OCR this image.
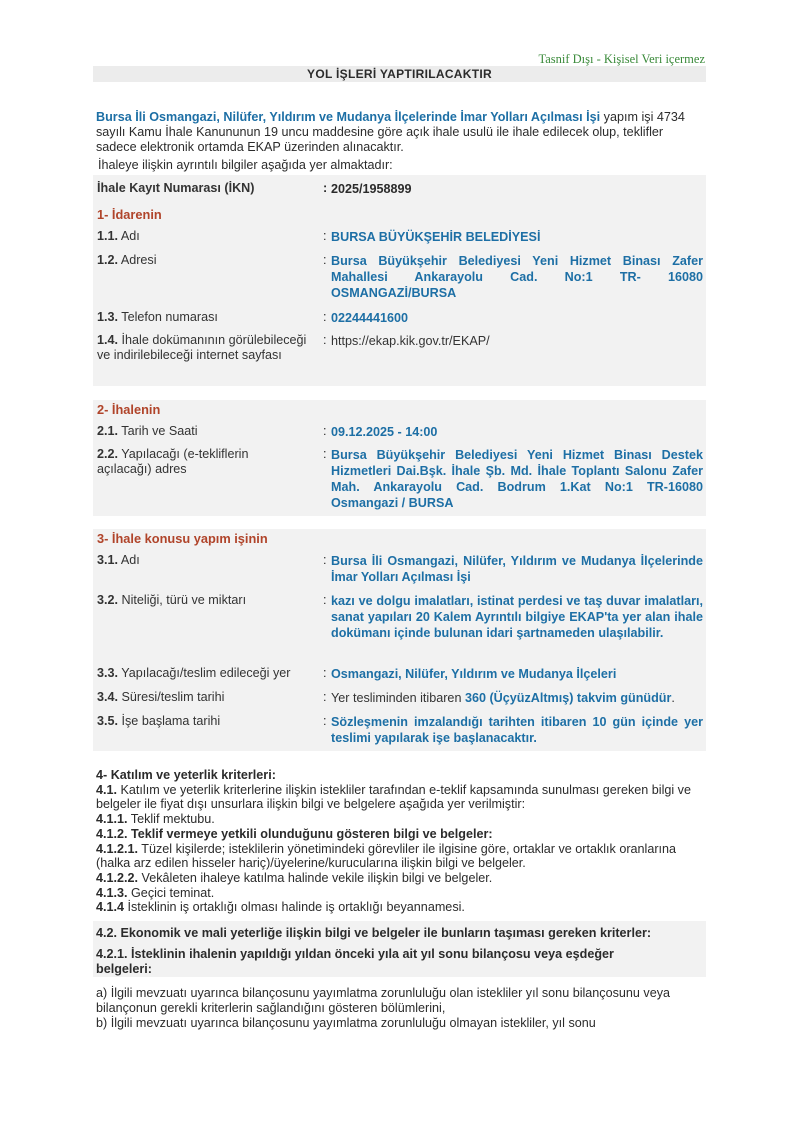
Tasnif Dışı - Kişisel Veri içermez
YOL İŞLERİ YAPTIRILACAKTIR
Bursa İli Osmangazi, Nilüfer, Yıldırım ve Mudanya İlçelerinde İmar Yolları Açılması İşi yapım işi 4734 sayılı Kamu İhale Kanununun 19 uncu maddesine göre açık ihale usulü ile ihale edilecek olup, teklifler sadece elektronik ortamda EKAP üzerinden alınacaktır.
İhaleye ilişkin ayrıntılı bilgiler aşağıda yer almaktadır:
İhale Kayıt Numarası (İKN)	: 2025/1958899
1- İdarenin
1.1. Adı	: BURSA BÜYÜKŞEHİR BELEDİYESİ
1.2. Adresi	: Bursa Büyükşehir Belediyesi Yeni Hizmet Binası Zafer Mahallesi Ankarayolu Cad. No:1 TR- 16080 OSMANGAZİ/BURSA
1.3. Telefon numarası	: 02244441600
1.4. İhale dokümanının görülebileceği ve indirilebileceği internet sayfası
: https://ekap.kik.gov.tr/EKAP/
2- İhalenin
2.1. Tarih ve Saati	: 09.12.2025 - 14:00
2.2. Yapılacağı (e-tekliflerin açılacağı) adres
: Bursa Büyükşehir Belediyesi Yeni Hizmet Binası Destek Hizmetleri Dai.Bşk. İhale Şb. Md. İhale Toplantı Salonu Zafer Mah. Ankarayolu Cad. Bodrum 1.Kat No:1 TR-16080 Osmangazi / BURSA
3- İhale konusu yapım işinin
3.1. Adı	: Bursa İli Osmangazi, Nilüfer, Yıldırım ve Mudanya İlçelerinde İmar Yolları Açılması İşi
3.2. Niteliği, türü ve miktarı	: kazı ve dolgu imalatları, istinat perdesi ve taş duvar imalatları, sanat yapıları 20 Kalem Ayrıntılı bilgiye EKAP'ta yer alan ihale dokümanı içinde bulunan idari şartnameden ulaşılabilir.
3.3. Yapılacağı/teslim edileceği yer	: Osmangazi, Nilüfer, Yıldırım ve Mudanya İlçeleri
3.4. Süresi/teslim tarihi	: Yer tesliminden itibaren 360 (ÜçyüzAltmış) takvim günüdür.
3.5. İşe başlama tarihi	: Sözleşmenin imzalandığı tarihten itibaren 10 gün içinde yer teslimi yapılarak işe başlanacaktır.
4- Katılım ve yeterlik kriterleri:
4.1. Katılım ve yeterlik kriterlerine ilişkin istekliler tarafından e-teklif kapsamında sunulması gereken bilgi ve belgeler ile fiyat dışı unsurlara ilişkin bilgi ve belgelere aşağıda yer verilmiştir:
4.1.1. Teklif mektubu.
4.1.2. Teklif vermeye yetkili olunduğunu gösteren bilgi ve belgeler:
4.1.2.1. Tüzel kişilerde; isteklilerin yönetimindeki görevliler ile ilgisine göre, ortaklar ve ortaklık oranlarına (halka arz edilen hisseler hariç)/üyelerine/kurucularına ilişkin bilgi ve belgeler.
4.1.2.2. Vekâleten ihaleye katılma halinde vekile ilişkin bilgi ve belgeler.
4.1.3. Geçici teminat.
4.1.4 İsteklinin iş ortaklığı olması halinde iş ortaklığı beyannamesi.
4.2. Ekonomik ve mali yeterliğe ilişkin bilgi ve belgeler ile bunların taşıması gereken kriterler:
4.2.1. İsteklinin ihalenin yapıldığı yıldan önceki yıla ait yıl sonu bilançosu veya eşdeğer belgeleri:
a) İlgili mevzuatı uyarınca bilançosunu yayımlatma zorunluluğu olan istekliler yıl sonu bilançosunu veya bilançonun gerekli kriterlerin sağlandığını gösteren bölümlerini,
b) İlgili mevzuatı uyarınca bilançosunu yayımlatma zorunluluğu olmayan istekliler, yıl sonu
